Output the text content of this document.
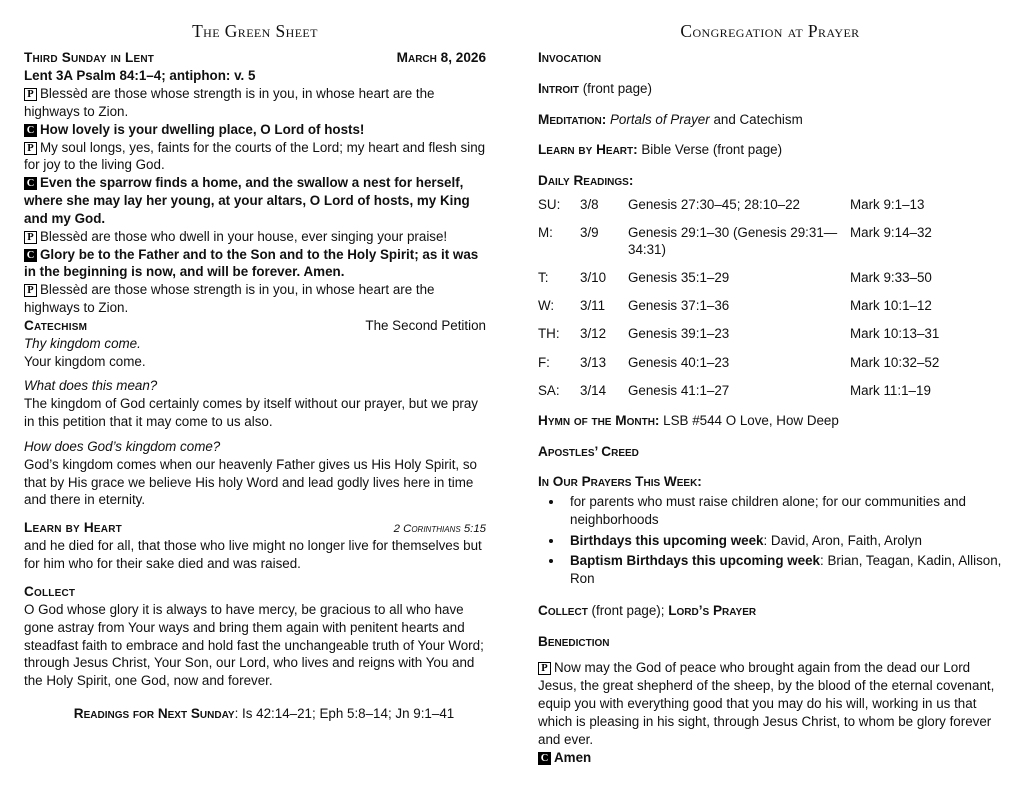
The Green Sheet
Third Sunday in Lent	March 8, 2026
Lent 3A Psalm 84:1–4; antiphon: v. 5
P Blessèd are those whose strength is in you, in whose heart are the highways to Zion.
C How lovely is your dwelling place, O Lord of hosts!
P My soul longs, yes, faints for the courts of the Lord; my heart and flesh sing for joy to the living God.
C Even the sparrow finds a home, and the swallow a nest for herself, where she may lay her young, at your altars, O Lord of hosts, my King and my God.
P Blessèd are those who dwell in your house, ever singing your praise!
C Glory be to the Father and to the Son and to the Holy Spirit; as it was in the beginning is now, and will be forever. Amen.
P Blessèd are those whose strength is in you, in whose heart are the highways to Zion.
Catechism	The Second Petition
Thy kingdom come.
Your kingdom come.
What does this mean?
The kingdom of God certainly comes by itself without our prayer, but we pray in this petition that it may come to us also.
How does God’s kingdom come?
God’s kingdom comes when our heavenly Father gives us His Holy Spirit, so that by His grace we believe His holy Word and lead godly lives here in time and there in eternity.
Learn by Heart	2 Corinthians 5:15
and he died for all, that those who live might no longer live for themselves but for him who for their sake died and was raised.
Collect
O God whose glory it is always to have mercy, be gracious to all who have gone astray from Your ways and bring them again with penitent hearts and steadfast faith to embrace and hold fast the unchangeable truth of Your Word; through Jesus Christ, Your Son, our Lord, who lives and reigns with You and the Holy Spirit, one God, now and forever.
Readings for Next Sunday: Is 42:14–21; Eph 5:8–14; Jn 9:1–41
Congregation at Prayer
Invocation
Introit (front page)
Meditation: Portals of Prayer and Catechism
Learn by Heart: Bible Verse (front page)
Daily Readings:
SU:	3/8	Genesis 27:30–45; 28:10–22	Mark 9:1–13
M:	3/9	Genesis 29:1–30 (Genesis 29:31—34:31)	Mark 9:14–32
T:	3/10	Genesis 35:1–29	Mark 9:33–50
W:	3/11	Genesis 37:1–36	Mark 10:1–12
TH:	3/12	Genesis 39:1–23	Mark 10:13–31
F:	3/13	Genesis 40:1–23	Mark 10:32–52
SA:	3/14	Genesis 41:1–27	Mark 11:1–19
Hymn of the Month: LSB #544 O Love, How Deep
Apostles’ Creed
In Our Prayers This Week:
• for parents who must raise children alone; for our communities and neighborhoods
• Birthdays this upcoming week: David, Aron, Faith, Arolyn
• Baptism Birthdays this upcoming week: Brian, Teagan, Kadin, Allison, Ron
Collect (front page); Lord’s Prayer
Benediction
P Now may the God of peace who brought again from the dead our Lord Jesus, the great shepherd of the sheep, by the blood of the eternal covenant, equip you with everything good that you may do his will, working in us that which is pleasing in his sight, through Jesus Christ, to whom be glory forever and ever.
C Amen
